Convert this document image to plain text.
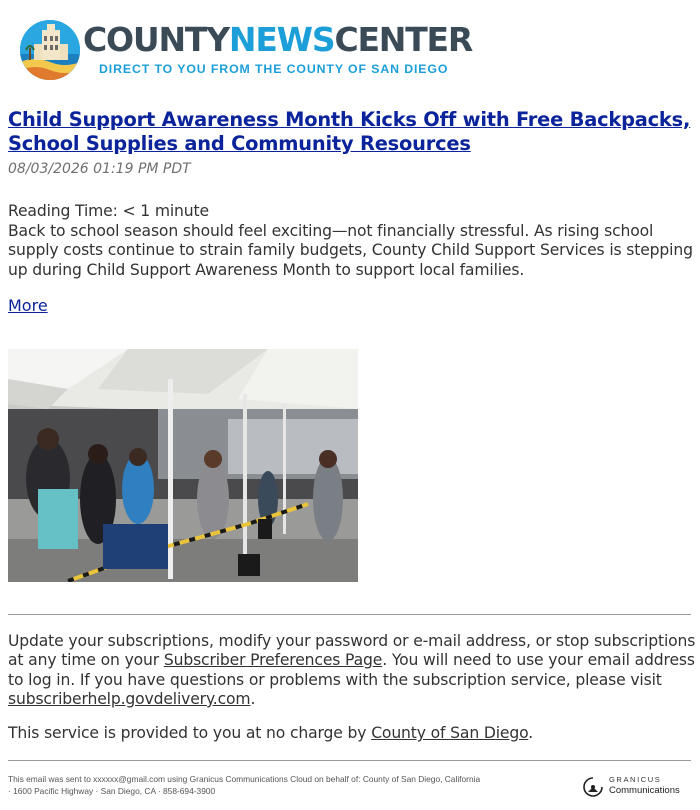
COUNTYNEWSCENTER
DIRECT TO YOU FROM THE COUNTY OF SAN DIEGO
Child Support Awareness Month Kicks Off with Free Backpacks,
School Supplies and Community Resources
08/03/2026 01:19 PM PDT

Reading Time: < 1 minute

Back to school season should feel exciting—not financially stressful. As rising school supply costs continue to strain family budgets, County Child Support Services is stepping up during Child Support Awareness Month to support local families.

More

Update your subscriptions, modify your password or e-mail address, or stop subscriptions at any time on your Subscriber Preferences Page. You will need to use your email address to log in. If you have questions or problems with the subscription service, please visit subscriberhelp.govdelivery.com.

This service is provided to you at no charge by County of San Diego.

This email was sent to xxxxxx@gmail.com using Granicus Communications Cloud on behalf of: County of San Diego, California
· 1600 Pacific Highway · San Diego, CA · 858-694-3900
GRANICUS
Communications
